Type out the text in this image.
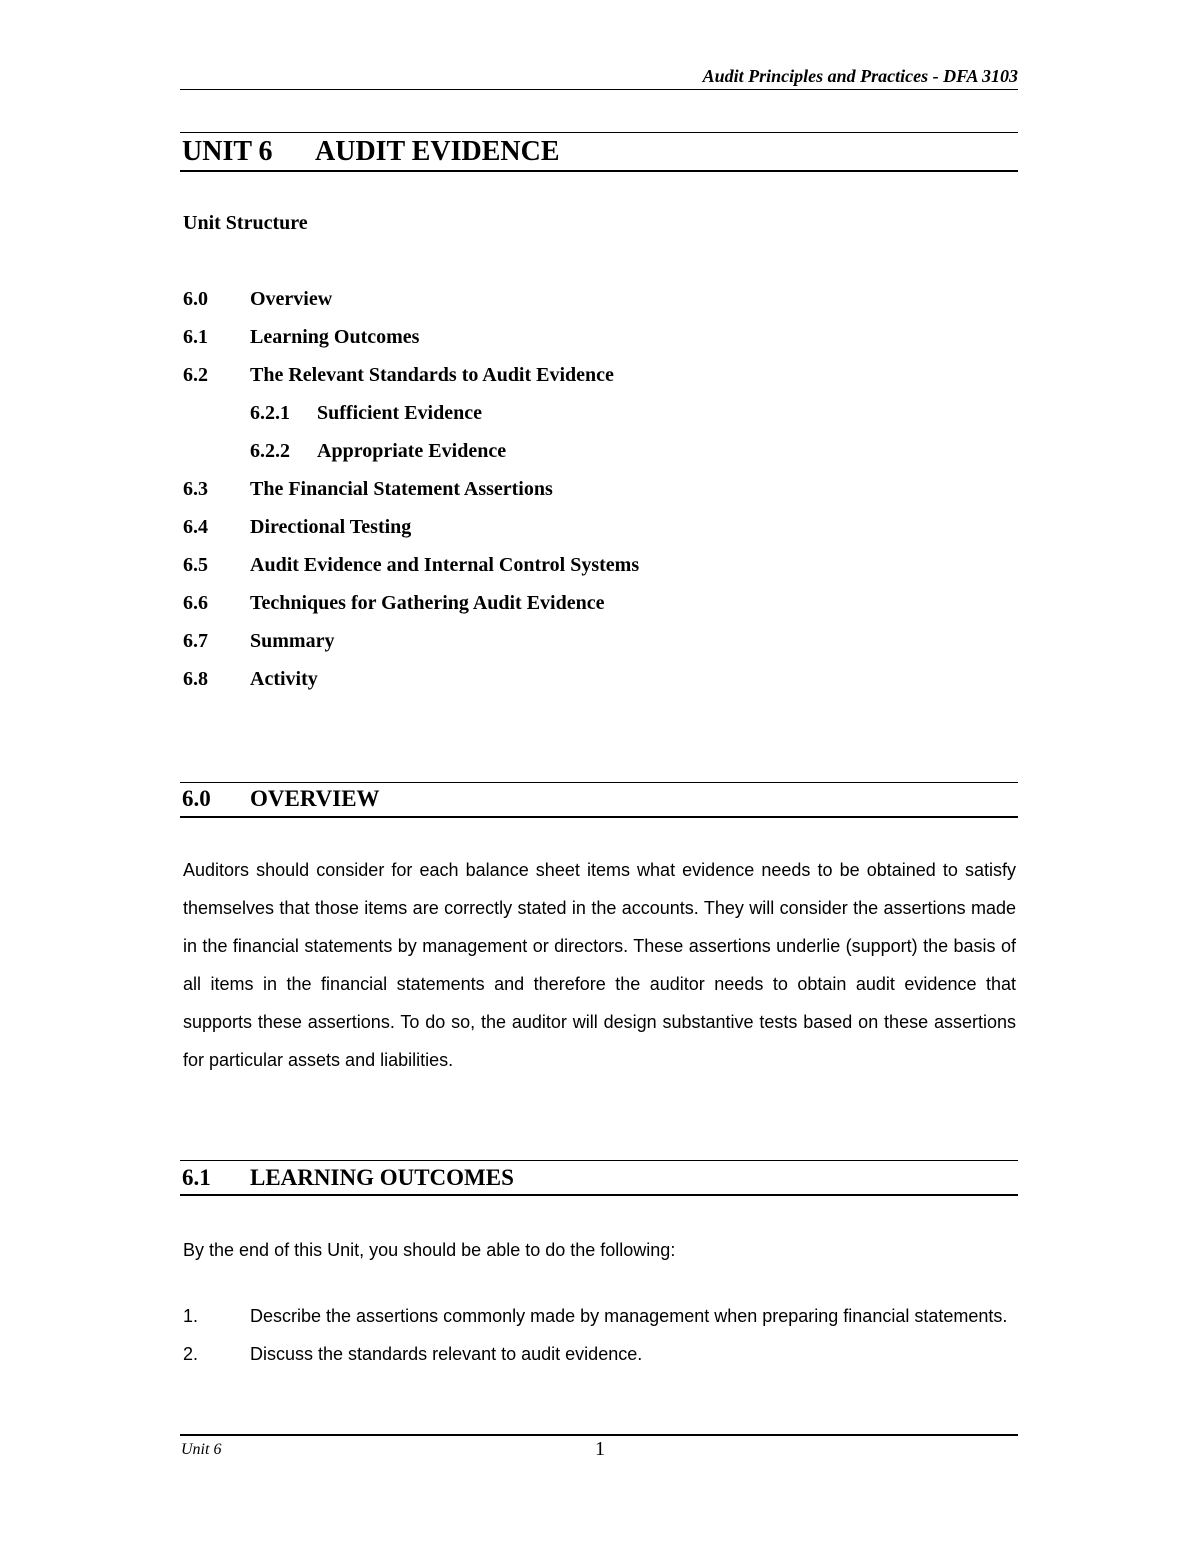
Audit Principles and Practices - DFA 3103
UNIT 6	AUDIT EVIDENCE
Unit Structure
6.0	Overview
6.1	Learning Outcomes
6.2	The Relevant Standards to Audit Evidence
6.2.1	Sufficient Evidence
6.2.2	Appropriate Evidence
6.3	The Financial Statement Assertions
6.4	Directional Testing
6.5	Audit Evidence and Internal Control Systems
6.6	Techniques for Gathering Audit Evidence
6.7	Summary
6.8	Activity
6.0	OVERVIEW

Auditors should consider for each balance sheet items what evidence needs to be obtained to satisfy themselves that those items are correctly stated in the accounts. They will consider the assertions made in the financial statements by management or directors. These assertions underlie (support) the basis of all items in the financial statements and therefore the auditor needs to obtain audit evidence that supports these assertions. To do so, the auditor will design substantive tests based on these assertions for particular assets and liabilities.

6.1	LEARNING OUTCOMES

By the end of this Unit, you should be able to do the following:

1.	Describe the assertions commonly made by management when preparing financial statements.
2.	Discuss the standards relevant to audit evidence.
Unit 6	1
